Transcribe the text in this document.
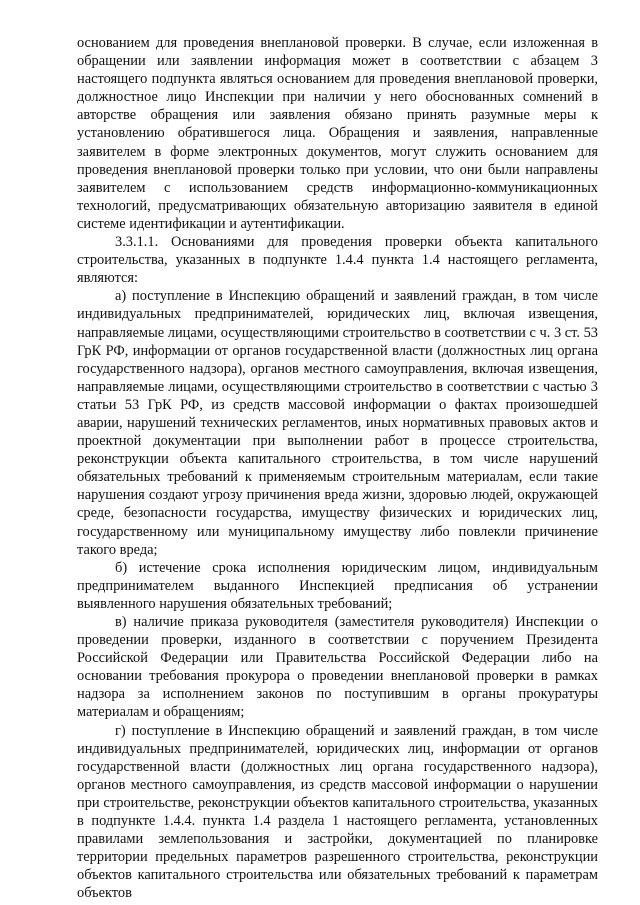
основанием для проведения внеплановой проверки. В случае, если изложенная в обращении или заявлении информация может в соответствии с абзацем 3 настоящего подпункта являться основанием для проведения внеплановой проверки, должностное лицо Инспекции при наличии у него обоснованных сомнений в авторстве обращения или заявления обязано принять разумные меры к установлению обратившегося лица. Обращения и заявления, направленные заявителем в форме электронных документов, могут служить основанием для проведения внеплановой проверки только при условии, что они были направлены заявителем с использованием средств информационно-коммуникационных технологий, предусматривающих обязательную авторизацию заявителя в единой системе идентификации и аутентификации.

3.3.1.1. Основаниями для проведения проверки объекта капитального строительства, указанных в подпункте 1.4.4 пункта 1.4 настоящего регламента, являются:

а) поступление в Инспекцию обращений и заявлений граждан, в том числе индивидуальных предпринимателей, юридических лиц, включая извещения, направляемые лицами, осуществляющими строительство в соответствии с ч. 3 ст. 53 ГрК РФ, информации от органов государственной власти (должностных лиц органа государственного надзора), органов местного самоуправления, включая извещения, направляемые лицами, осуществляющими строительство в соответствии с частью 3 статьи 53 ГрК РФ, из средств массовой информации о фактах произошедшей аварии, нарушений технических регламентов, иных нормативных правовых актов и проектной документации при выполнении работ в процессе строительства, реконструкции объекта капитального строительства, в том числе нарушений обязательных требований к применяемым строительным материалам, если такие нарушения создают угрозу причинения вреда жизни, здоровью людей, окружающей среде, безопасности государства, имуществу физических и юридических лиц, государственному или муниципальному имуществу либо повлекли причинение такого вреда;

б) истечение срока исполнения юридическим лицом, индивидуальным предпринимателем выданного Инспекцией предписания об устранении выявленного нарушения обязательных требований;

в) наличие приказа руководителя (заместителя руководителя) Инспекции о проведении проверки, изданного в соответствии с поручением Президента Российской Федерации или Правительства Российской Федерации либо на основании требования прокурора о проведении внеплановой проверки в рамках надзора за исполнением законов по поступившим в органы прокуратуры материалам и обращениям;

г) поступление в Инспекцию обращений и заявлений граждан, в том числе индивидуальных предпринимателей, юридических лиц, информации от органов государственной власти (должностных лиц органа государственного надзора), органов местного самоуправления, из средств массовой информации о нарушении при строительстве, реконструкции объектов капитального строительства, указанных в подпункте 1.4.4. пункта 1.4 раздела 1 настоящего регламента, установленных правилами землепользования и застройки, документацией по планировке территории предельных параметров разрешенного строительства, реконструкции объектов капитального строительства или обязательных требований к параметрам объектов
